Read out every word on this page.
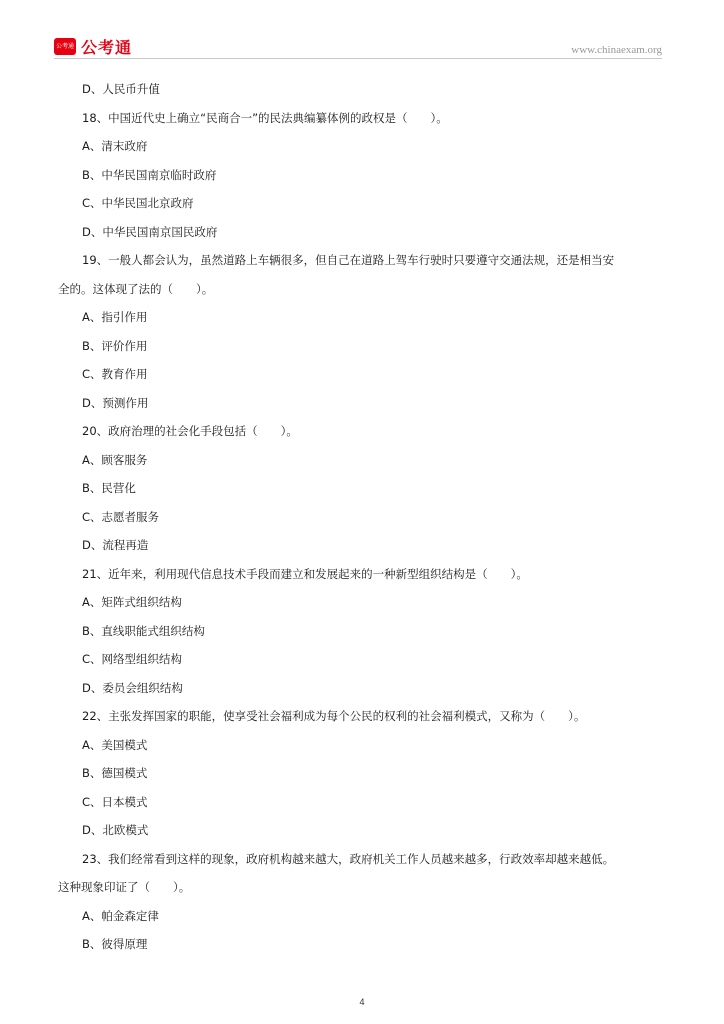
公考通 公考通	www.chinaexam.org
D、人民币升值
18、中国近代史上确立“民商合一”的民法典编纂体例的政权是（　　）。
A、清末政府
B、中华民国南京临时政府
C、中华民国北京政府
D、中华民国南京国民政府
19、一般人都会认为，虽然道路上车辆很多，但自己在道路上驾车行驶时只要遵守交通法规，还是相当安
全的。这体现了法的（　　）。
A、指引作用
B、评价作用
C、教育作用
D、预测作用
20、政府治理的社会化手段包括（　　）。
A、顾客服务
B、民营化
C、志愿者服务
D、流程再造
21、近年来，利用现代信息技术手段而建立和发展起来的一种新型组织结构是（　　）。
A、矩阵式组织结构
B、直线职能式组织结构
C、网络型组织结构
D、委员会组织结构
22、主张发挥国家的职能，使享受社会福利成为每个公民的权利的社会福利模式，又称为（　　）。
A、美国模式
B、德国模式
C、日本模式
D、北欧模式
23、我们经常看到这样的现象，政府机构越来越大，政府机关工作人员越来越多，行政效率却越来越低。
这种现象印证了（　　）。
A、帕金森定律
B、彼得原理
4
